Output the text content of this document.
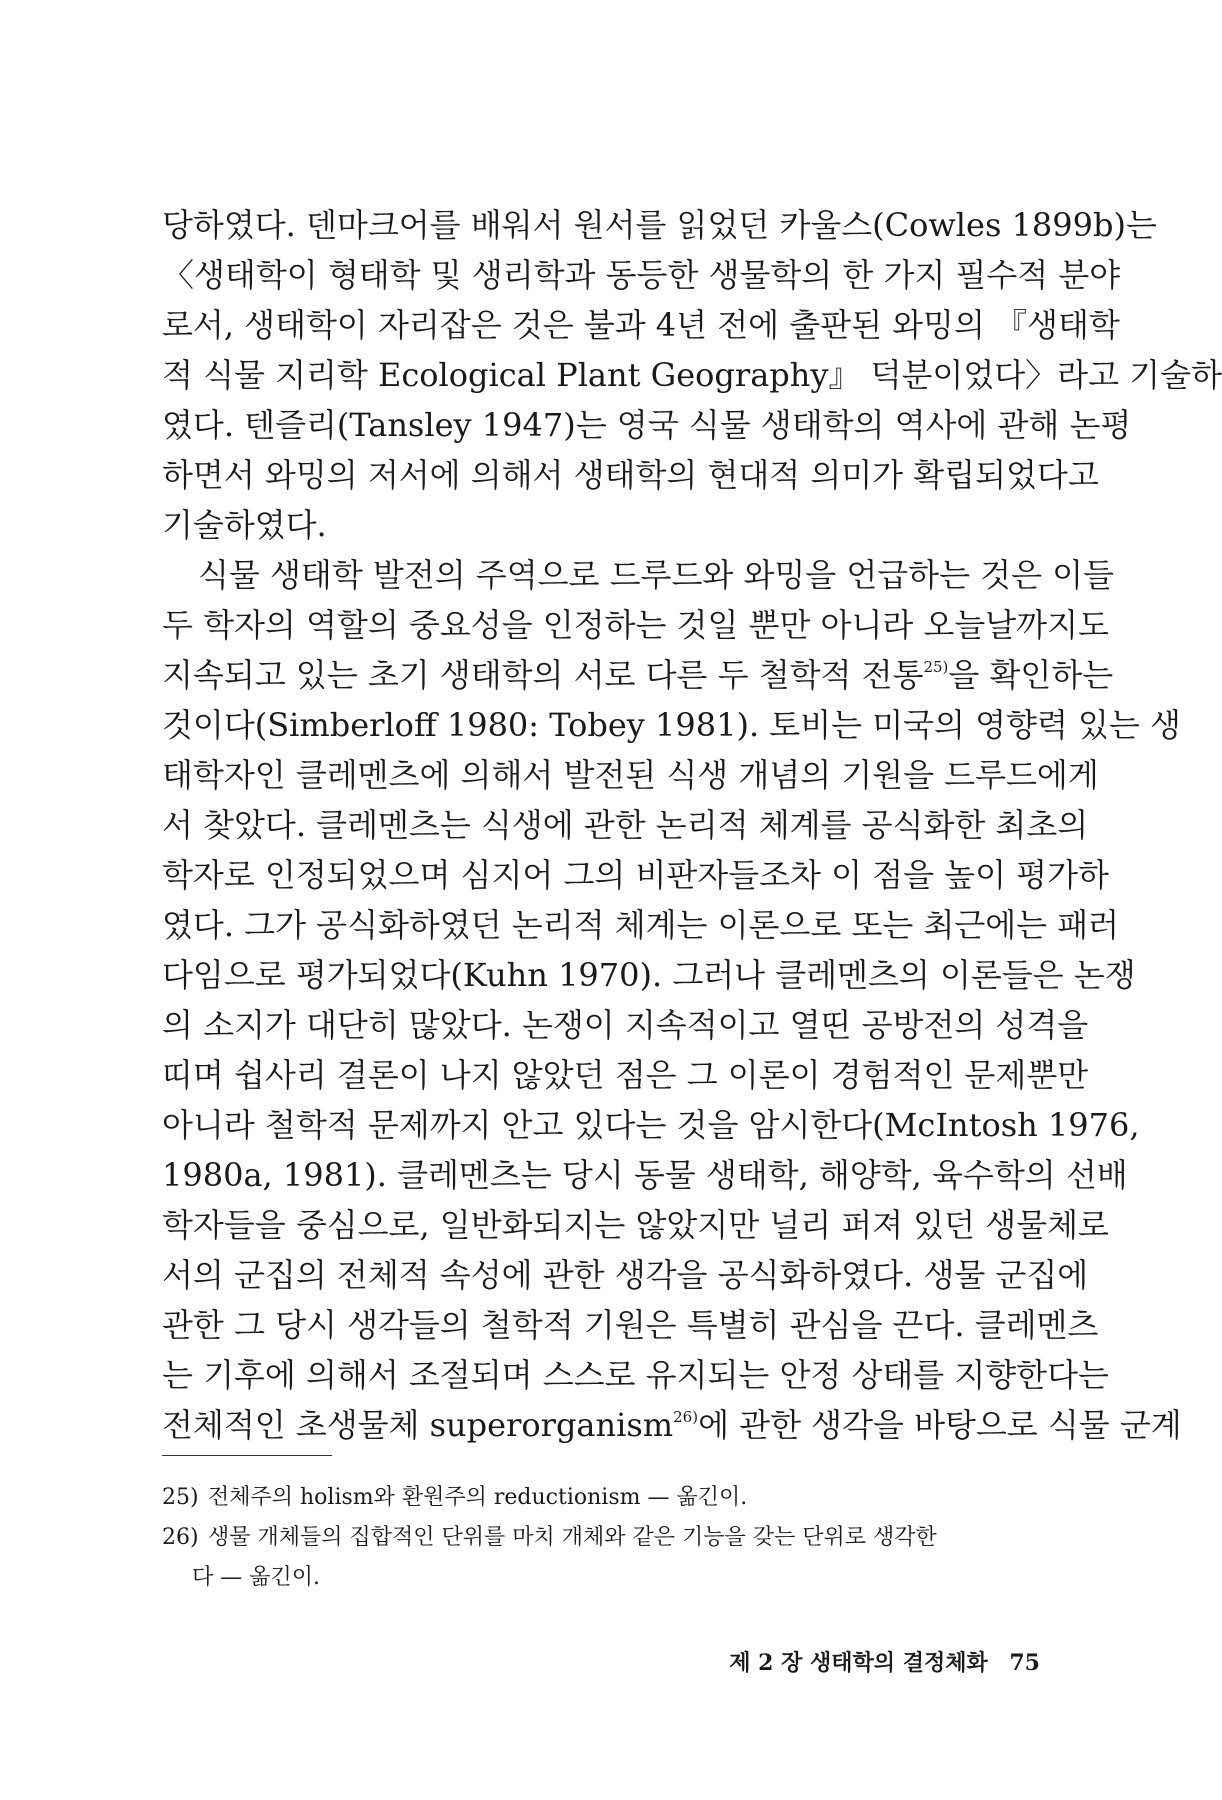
당하였다. 덴마크어를 배워서 원서를 읽었던 카울스(Cowles 1899b)는
〈생태학이 형태학 및 생리학과 동등한 생물학의 한 가지 필수적 분야
로서, 생태학이 자리잡은 것은 불과 4년 전에 출판된 와밍의 『생태학
적 식물 지리학 Ecological Plant Geography』 덕분이었다〉라고 기술하
였다. 텐즐리(Tansley 1947)는 영국 식물 생태학의 역사에 관해 논평
하면서 와밍의 저서에 의해서 생태학의 현대적 의미가 확립되었다고
기술하였다.

식물 생태학 발전의 주역으로 드루드와 와밍을 언급하는 것은 이들
두 학자의 역할의 중요성을 인정하는 것일 뿐만 아니라 오늘날까지도
지속되고 있는 초기 생태학의 서로 다른 두 철학적 전통$^{25)}$을 확인하는
것이다(Simberloff 1980: Tobey 1981). 토비는 미국의 영향력 있는 생
태학자인 클레멘츠에 의해서 발전된 식생 개념의 기원을 드루드에게
서 찾았다. 클레멘츠는 식생에 관한 논리적 체계를 공식화한 최초의
학자로 인정되었으며 심지어 그의 비판자들조차 이 점을 높이 평가하
였다. 그가 공식화하였던 논리적 체계는 이론으로 또는 최근에는 패러
다임으로 평가되었다(Kuhn 1970). 그러나 클레멘츠의 이론들은 논쟁
의 소지가 대단히 많았다. 논쟁이 지속적이고 열띤 공방전의 성격을
띠며 쉽사리 결론이 나지 않았던 점은 그 이론이 경험적인 문제뿐만
아니라 철학적 문제까지 안고 있다는 것을 암시한다(McIntosh 1976,
1980a, 1981). 클레멘츠는 당시 동물 생태학, 해양학, 육수학의 선배
학자들을 중심으로, 일반화되지는 않았지만 널리 퍼져 있던 생물체로
서의 군집의 전체적 속성에 관한 생각을 공식화하였다. 생물 군집에
관한 그 당시 생각들의 철학적 기원은 특별히 관심을 끈다. 클레멘츠
는 기후에 의해서 조절되며 스스로 유지되는 안정 상태를 지향한다는
전체적인 초생물체 superorganism$^{26)}$에 관한 생각을 바탕으로 식물 군계

25) 전체주의 holism와 환원주의 reductionism — 옮긴이.
26) 생물 개체들의 집합적인 단위를 마치 개체와 같은 기능을 갖는 단위로 생각한
다 — 옮긴이.
제 2 장 생태학의 결정체화 75
